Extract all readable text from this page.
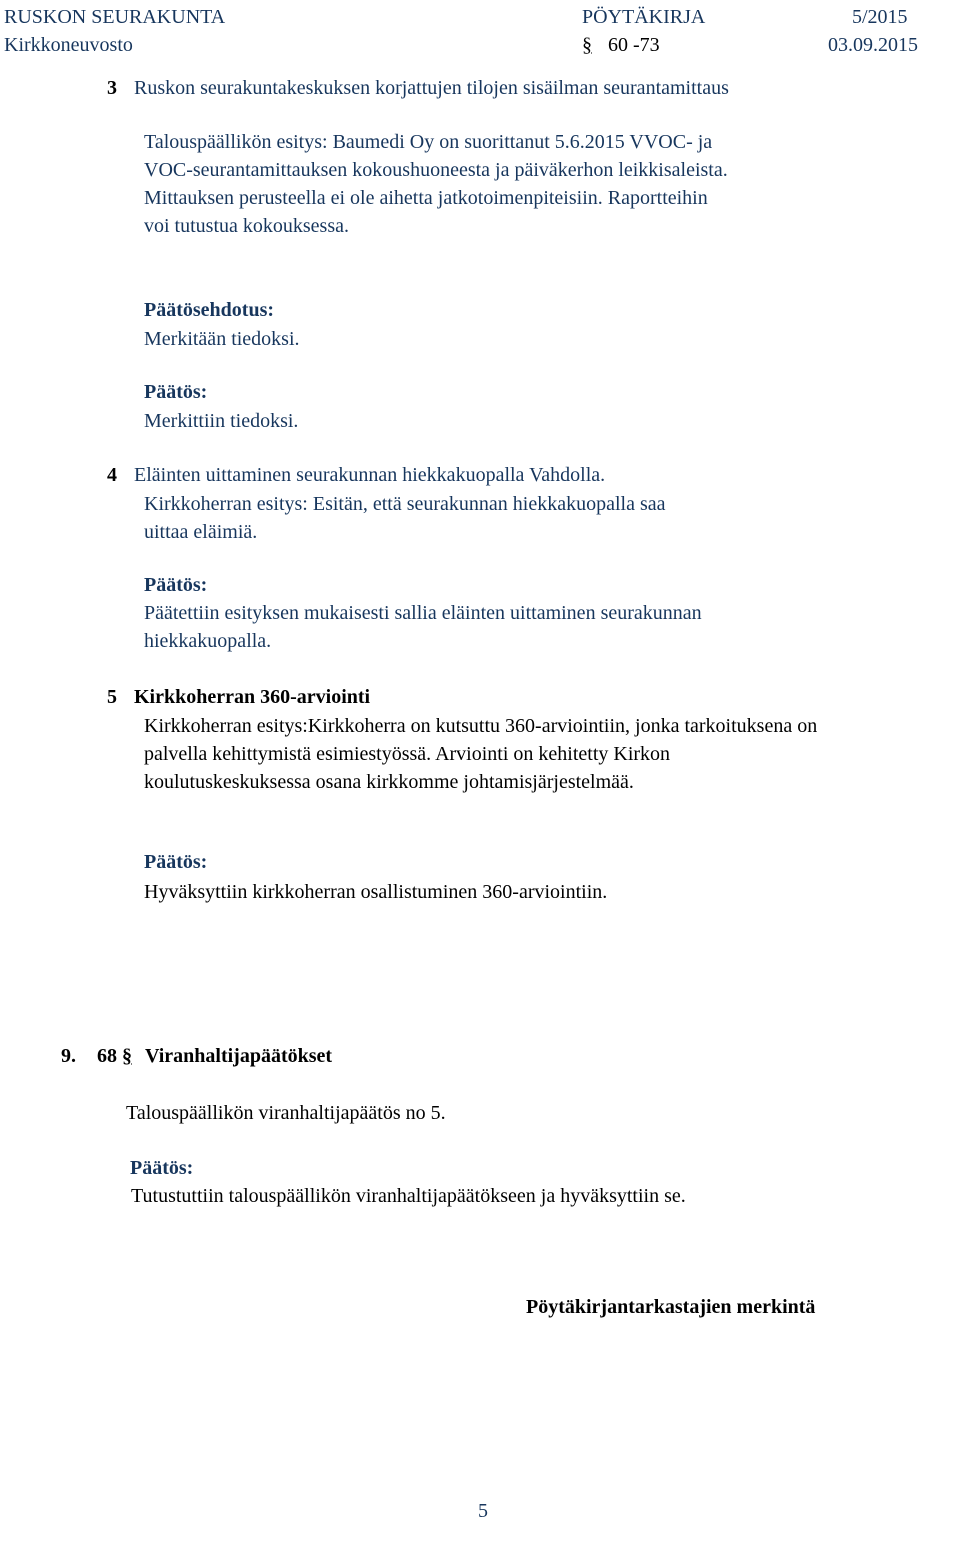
RUSKON SEURAKUNTA
Kirkkoneuvosto
PÖYTÄKIRJA
§ 60 -73
5/2015
03.09.2015
3 Ruskon seurakuntakeskuksen korjattujen tilojen sisäilman seurantamittaus
Talouspäällikön esitys: Baumedi Oy on suorittanut 5.6.2015 VVOC- ja
VOC-seurantamittauksen kokoushuoneesta ja päiväkerhon leikkisaleista.
Mittauksen perusteella ei ole aihetta jatkotoimenpiteisiin. Raportteihin
voi tutustua kokouksessa.
Päätösehdotus:
Merkitään tiedoksi.
Päätös:
Merkittiin tiedoksi.
4 Eläinten uittaminen seurakunnan hiekkakuopalla Vahdolla.
Kirkkoherran esitys: Esitän, että seurakunnan hiekkakuopalla saa
uittaa eläimiä.
Päätös:
Päätettiin esityksen mukaisesti sallia eläinten uittaminen seurakunnan
hiekkakuopalla.
5 Kirkkoherran 360-arviointi
Kirkkoherran esitys:Kirkkoherra on kutsuttu 360-arviointiin, jonka tarkoituksena on
palvella kehittymistä esimiestyössä. Arviointi on kehitetty Kirkon
koulutuskeskuksessa osana kirkkomme johtamisjärjestelmää.
Päätös:
Hyväksyttiin kirkkoherran osallistuminen 360-arviointiin.
9. 68 § Viranhaltijapäätökset
Talouspäällikön viranhaltijapäätös no 5.
Päätös:
Tutustuttiin talouspäällikön viranhaltijapäätökseen ja hyväksyttiin se.
Pöytäkirjantarkastajien merkintä
5
